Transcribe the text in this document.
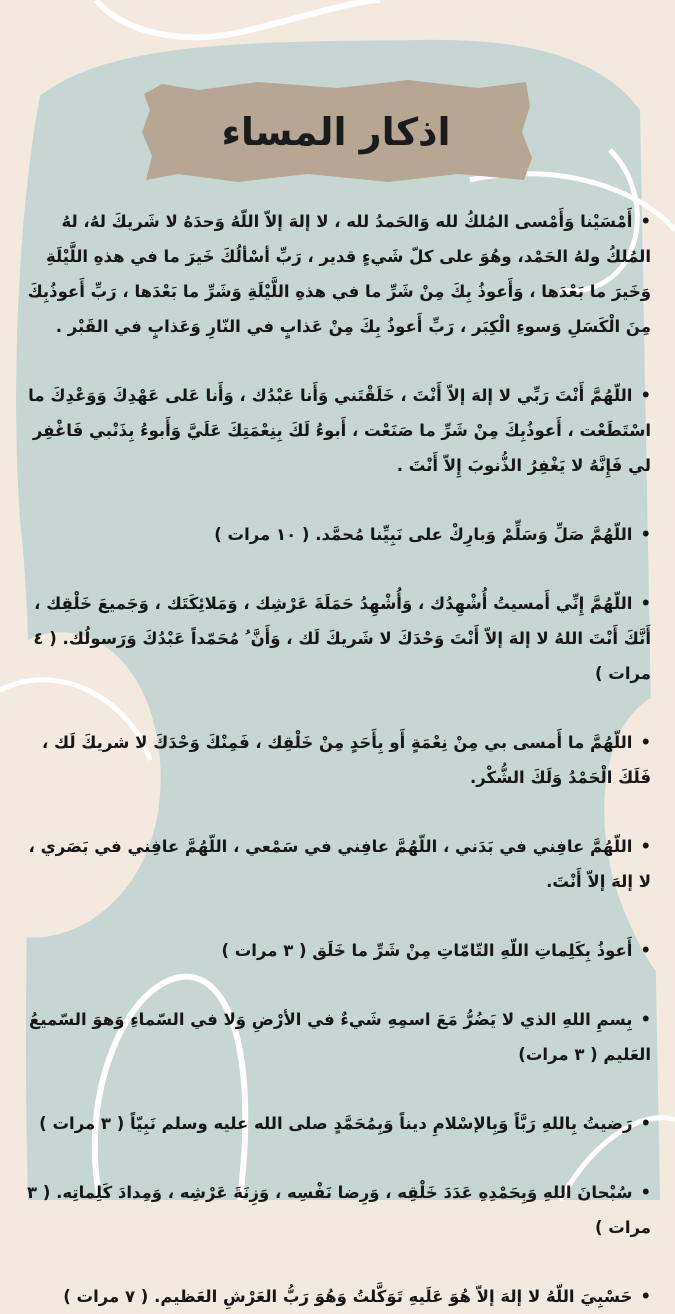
اذكار المساء

•أَمْسَيْنا وَأَمْسى المُلكُ لله وَالحَمدُ لله ، لا إلهَ إلاّ اللّهُ وَحدَهُ لا شَريكَ لهُ، لهُ المُلكُ ولهُ الحَمْد، وهُوَ على كلّ شَيءٍ قدير ، رَبِّ أسْألُكَ خَيرَ ما في هذهِ اللَّيْلَةِ وَخَيرَ ما بَعْدَها ، وَأَعوذُ بِكَ مِنْ شَرِّ ما في هذهِ اللَّيْلَةِ وَشَرِّ ما بَعْدَها ، رَبِّ أَعوذُبِكَ مِنَ الْكَسَلِ وَسوءِ الْكِبَر ، رَبِّ أَعوذُ بِكَ مِنْ عَذابٍ في النّارِ وَعَذابٍ في القَبْر .

•اللّهُمَّ أَنْتَ رَبِّي لا إلهَ إلاّ أَنْتَ ، خَلَقْتَني وَأَنا عَبْدُك ، وَأَنا عَلى عَهْدِكَ وَوَعْدِكَ ما اسْتَطَعْت ، أَعوذُبِكَ مِنْ شَرِّ ما صَنَعْت ، أَبوءُ لَكَ بِنِعْمَتِكَ عَلَيَّ وَأَبوءُ بِذَنْبي فَاغْفِر لي فَإِنَّهُ لا يَغْفِرُ الذُّنوبَ إِلاّ أَنْتَ .

•اللّهُمَّ صَلِّ وَسَلِّمْ وَبارِكْ على نَبِيِّنا مُحمَّد. ( ١٠ مرات )

•اللّهُمَّ إِنِّي أَمسيتُ أُشْهِدُك ، وَأُشْهِدُ حَمَلَةَ عَرْشِك ، وَمَلائِكَتَك ، وَجَميعَ خَلْقِك ، أَنَّكَ أَنْتَ اللهُ لا إلهَ إلاّ أَنْتَ وَحْدَكَ لا شَريكَ لَك ، وَأَنَّ ُ مُحَمّداً عَبْدُكَ وَرَسولُك. ( ٤ مرات )

•اللّهُمَّ ما أَمسى بي مِنْ نِعْمَةٍ أَو بِأَحَدٍ مِنْ خَلْقِك ، فَمِنْكَ وَحْدَكَ لا شريكَ لَك ، فَلَكَ الْحَمْدُ وَلَكَ الشُّكْر.

•اللّهُمَّ عافِني في بَدَني ، اللّهُمَّ عافِني في سَمْعي ، اللّهُمَّ عافِني في بَصَري ، لا إلهَ إلاّ أَنْتَ.

•أَعوذُ بِكَلِماتِ اللّهِ التّامّاتِ مِنْ شَرِّ ما خَلَق ( ٣ مرات )

•بِسمِ اللهِ الذي لا يَضُرُّ مَعَ اسمِهِ شَيءٌ في الأرْضِ وَلا في السّماءِ وَهوَ السّميعُ العَليم ( ٣ مرات)

•رَضيتُ بِاللهِ رَبَّاً وَبِالإسْلامِ ديناً وَبِمُحَمَّدٍ صلى الله عليه وسلم نَبِيّاً ( ٣ مرات )

•سُبْحانَ اللهِ وَبِحَمْدِهِ عَدَدَ خَلْقِه ، وَرِضا نَفْسِه ، وَزِنَةَ عَرْشِه ، وَمِدادَ كَلِماتِه. ( ٣ مرات )

•حَسْبِيَ اللّهُ لا إلهَ إلاّ هُوَ عَلَيهِ تَوَكَّلتُ وَهُوَ رَبُّ العَرْشِ العَظيم. ( ٧ مرات )
